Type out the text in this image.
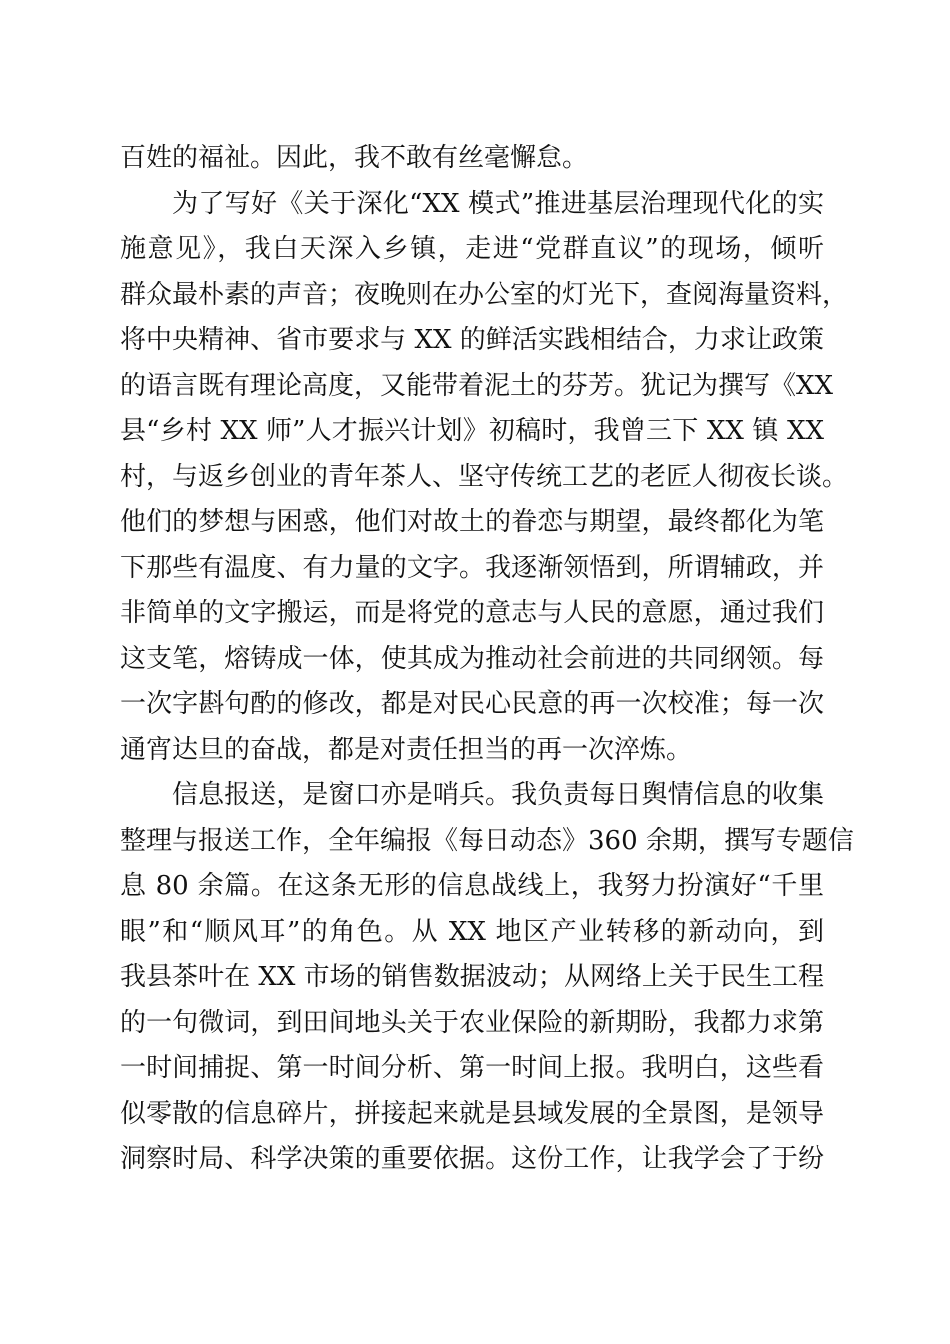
百姓的福祉。因此，我不敢有丝毫懈怠。
为了写好《关于深化“XX 模式”推进基层治理现代化的实
施意见》，我白天深入乡镇，走进“党群直议”的现场，倾听
群众最朴素的声音；夜晚则在办公室的灯光下，查阅海量资料，
将中央精神、省市要求与 XX 的鲜活实践相结合，力求让政策
的语言既有理论高度，又能带着泥土的芬芳。犹记为撰写《XX
县“乡村 XX 师”人才振兴计划》初稿时，我曾三下 XX 镇 XX
村，与返乡创业的青年茶人、坚守传统工艺的老匠人彻夜长谈。
他们的梦想与困惑，他们对故土的眷恋与期望，最终都化为笔
下那些有温度、有力量的文字。我逐渐领悟到，所谓辅政，并
非简单的文字搬运，而是将党的意志与人民的意愿，通过我们
这支笔，熔铸成一体，使其成为推动社会前进的共同纲领。每
一次字斟句酌的修改，都是对民心民意的再一次校准；每一次
通宵达旦的奋战，都是对责任担当的再一次淬炼。
信息报送，是窗口亦是哨兵。我负责每日舆情信息的收集
整理与报送工作，全年编报《每日动态》360 余期，撰写专题信
息 80 余篇。在这条无形的信息战线上，我努力扮演好“千里
眼”和“顺风耳”的角色。从 XX 地区产业转移的新动向，到
我县茶叶在 XX 市场的销售数据波动；从网络上关于民生工程
的一句微词，到田间地头关于农业保险的新期盼，我都力求第
一时间捕捉、第一时间分析、第一时间上报。我明白，这些看
似零散的信息碎片，拼接起来就是县域发展的全景图，是领导
洞察时局、科学决策的重要依据。这份工作，让我学会了于纷
